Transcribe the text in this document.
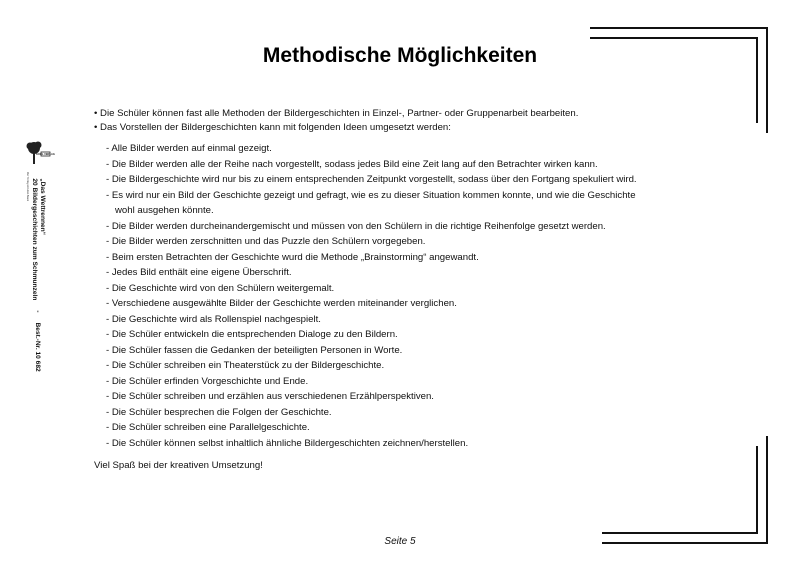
Methodische Möglichkeiten
• Die Schüler können fast alle Methoden der Bildergeschichten in Einzel-, Partner- oder Gruppenarbeit bearbeiten.
• Das Vorstellen der Bildergeschichten kann mit folgenden Ideen umgesetzt werden:
- Alle Bilder werden auf einmal gezeigt.
- Die Bilder werden alle der Reihe nach vorgestellt, sodass jedes Bild eine Zeit lang auf den Betrachter wirken kann.
- Die Bildergeschichte wird nur bis zu einem entsprechenden Zeitpunkt vorgestellt, sodass über den Fortgang spekuliert wird.
- Es wird nur ein Bild der Geschichte gezeigt und gefragt, wie es zu dieser Situation kommen konnte, und wie die Geschichte
wohl ausgehen könnte.
- Die Bilder werden durcheinandergemischt und müssen von den Schülern in die richtige Reihenfolge gesetzt werden.
- Die Bilder werden zerschnitten und das Puzzle den Schülern vorgegeben.
- Beim ersten Betrachten der Geschichte wurd die Methode „Brainstorming“ angewandt.
- Jedes Bild enthält eine eigene Überschrift.
- Die Geschichte wird von den Schülern weitergemalt.
- Verschiedene ausgewählte Bilder der Geschichte werden miteinander verglichen.
- Die Geschichte wird als Rollenspiel nachgespielt.
- Die Schüler entwickeln die entsprechenden Dialoge zu den Bildern.
- Die Schüler fassen die Gedanken der beteiligten Personen in Worte.
- Die Schüler schreiben ein Theaterstück zu der Bildergeschichte.
- Die Schüler erfinden Vorgeschichte und Ende.
- Die Schüler schreiben und erzählen aus verschiedenen Erzählperspektiven.
- Die Schüler besprechen die Folgen der Geschichte.
- Die Schüler schreiben eine Parallelgeschichte.
- Die Schüler können selbst inhaltlich ähnliche Bildergeschichten zeichnen/herstellen.
Viel Spaß bei der kreativen Umsetzung!
Seite 5
KOHL VERLAG
Der Verlag mit dem Baum „Das Wettrennen“
20 Bildergeschichten zum Schmunzeln
-
Best.-Nr. 10 682
